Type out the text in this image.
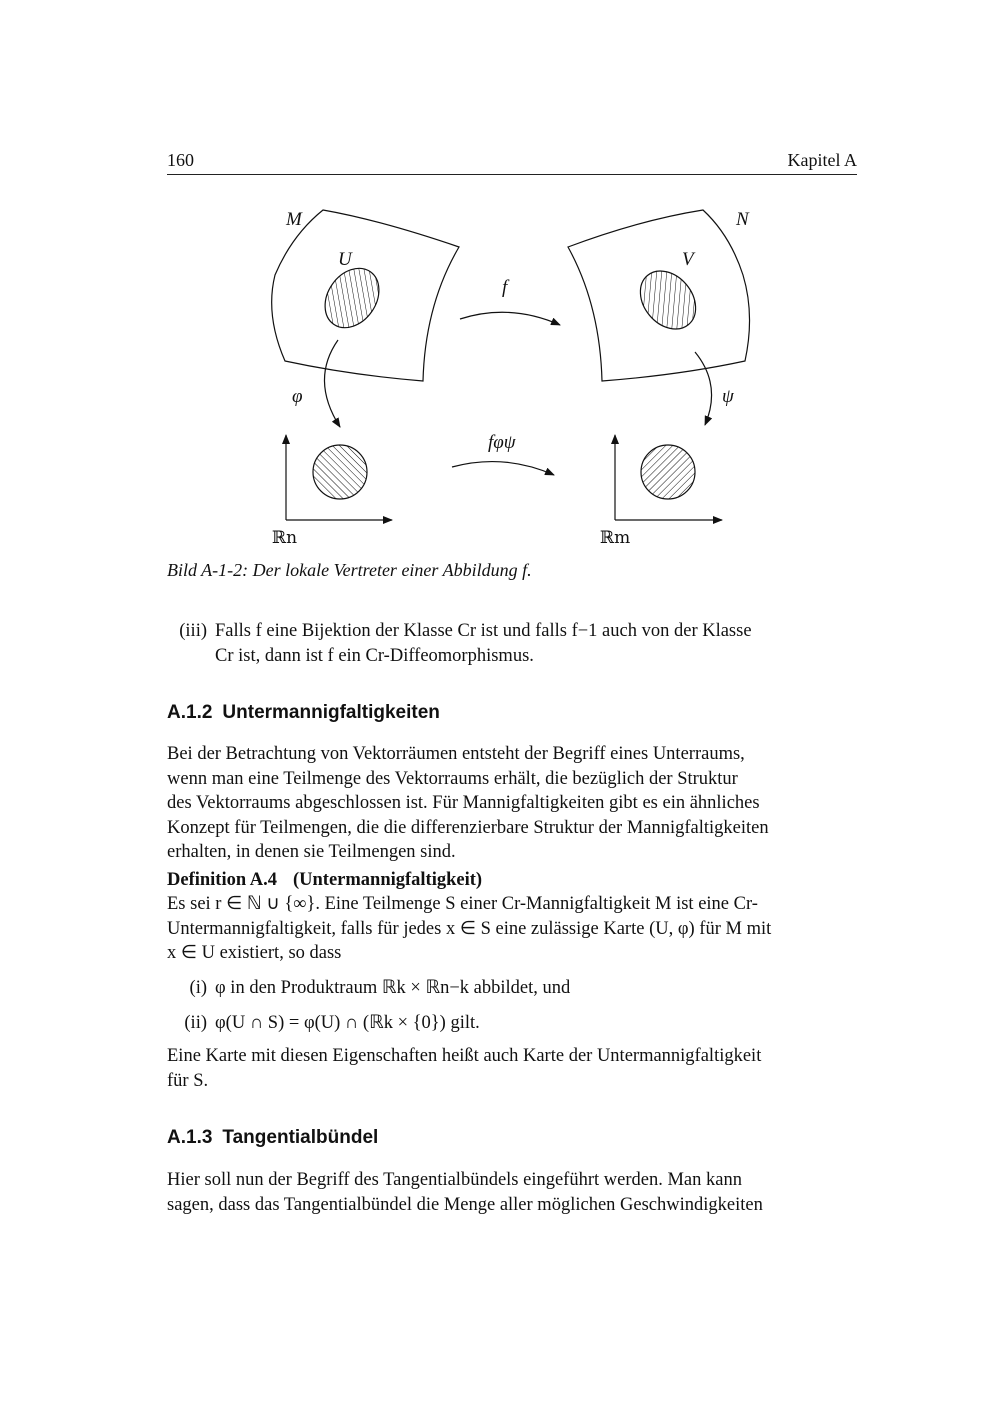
160	Kapitel A
M	N
U	V
f
φ	ψ
fφψ
ℝn	ℝm
Bild A-1-2: Der lokale Vertreter einer Abbildung f.
(iii) Falls f eine Bijektion der Klasse Cr ist und falls f−1 auch von der Klasse
Cr ist, dann ist f ein Cr-Diffeomorphismus.
A.1.2 Untermannigfaltigkeiten
Bei der Betrachtung von Vektorräumen entsteht der Begriff eines Unterraums,
wenn man eine Teilmenge des Vektorraums erhält, die bezüglich der Struktur
des Vektorraums abgeschlossen ist. Für Mannigfaltigkeiten gibt es ein ähnliches
Konzept für Teilmengen, die die differenzierbare Struktur der Mannigfaltigkeiten
erhalten, in denen sie Teilmengen sind.
Definition A.4 (Untermannigfaltigkeit)
Es sei r ∈ ℕ ∪ {∞}. Eine Teilmenge S einer Cr-Mannigfaltigkeit M ist eine Cr-
Untermannigfaltigkeit, falls für jedes x ∈ S eine zulässige Karte (U, φ) für M mit
x ∈ U existiert, so dass
(i) φ in den Produktraum ℝk × ℝn−k abbildet, und
(ii) φ(U ∩ S) = φ(U) ∩ (ℝk × {0}) gilt.
Eine Karte mit diesen Eigenschaften heißt auch Karte der Untermannigfaltigkeit
für S.
A.1.3 Tangentialbündel
Hier soll nun der Begriff des Tangentialbündels eingeführt werden. Man kann
sagen, dass das Tangentialbündel die Menge aller möglichen Geschwindigkeiten
